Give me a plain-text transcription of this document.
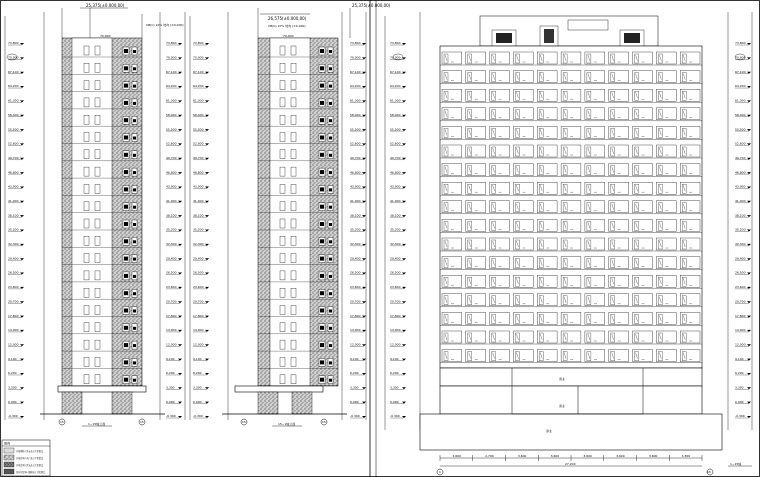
25,375(±0.000,00)
CB(C) 10% 坡向 (±0.000)
70,000
15	15
1~15轴立面
26,575(±0.000,00)
CB(C) 10% 坡向 (±0.000)
25,375(±0.000,00)
70,000
15	15
15~1轴立面
商业
商业
商业
3,600	2,700	3,600	3,600	3,600	3,600	3,600	3,300
27,200
1	15
1~15轴
73,800
70,000
67,100
64,200
61,300
58,400
55,500
52,600
49,700
46,800
43,900
41,000
38,100
35,200
32,300
29,400
26,500
23,600
20,700
17,800
14,900
12,000
9,100
6,200
3,300
0.000
-0.300
73,800
70,000
67,100
64,200
61,300
58,400
55,500
52,600
49,700
46,800
43,900
41,000
38,100
35,200
32,300
29,400
26,500
23,600
20,700
17,800
14,900
12,000
9,100
6,200
3,300
0.000
-0.300
73,800
70,000
67,100
64,200
61,300
58,400
55,500
52,600
49,700
46,800
43,900
41,000
38,100
35,200
32,300
29,400
26,500
23,600
20,700
17,800
14,900
12,000
9,100
6,200
3,300
0.000
-0.300
73,800
70,000
67,100
64,200
61,300
58,400
55,500
52,600
49,700
46,800
43,900
41,000
38,100
35,200
32,300
29,400
26,500
23,600
20,700
17,800
14,900
12,000
9,100
6,200
3,300
0.000
-0.300
73,800
70,000
67,100
64,200
61,300
58,400
55,500
52,600
49,700
46,800
43,900
41,000
38,100
35,200
32,300
29,400
26,500
23,600
20,700
17,800
14,900
12,000
9,100
6,200
3,300
0.000
-0.300
73,800
70,000
67,100
64,200
61,300
58,400
55,500
52,600
49,700
46,800
43,900
41,000
38,100
35,200
32,300
29,400
26,500
23,600
20,700
17,800
14,900
12,000
9,100
6,200
3,300
0.000
-0.300
图例
外墙面砖 (浅灰色) 详见做法
外墙涂料 (米白色) 详见做法
外墙涂料 (深灰色) 详见做法
仿石材涂料 (咖啡色) 详见做法
